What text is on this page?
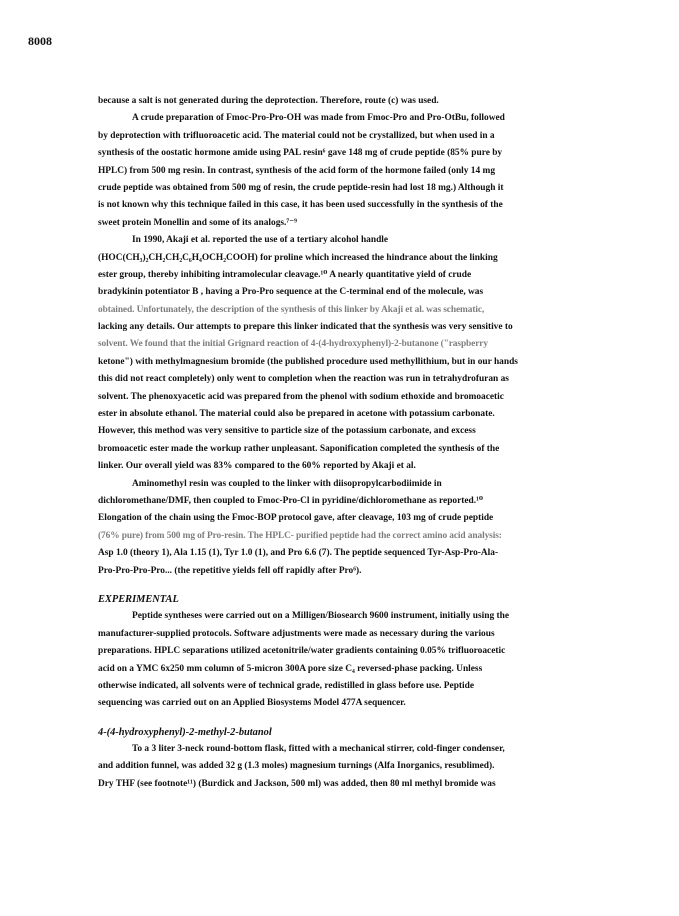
8008
because a salt is not generated during the deprotection. Therefore, route (c) was used.
A crude preparation of Fmoc-Pro-Pro-OH was made from Fmoc-Pro and Pro-OtBu, followed
by deprotection with trifluoroacetic acid. The material could not be crystallized, but when used in a
synthesis of the oostatic hormone amide using PAL resin⁶ gave 148 mg of crude peptide (85% pure by
HPLC) from 500 mg resin. In contrast, synthesis of the acid form of the hormone failed (only 14 mg
crude peptide was obtained from 500 mg of resin, the crude peptide-resin had lost 18 mg.) Although it
is not known why this technique failed in this case, it has been used successfully in the synthesis of the
sweet protein Monellin and some of its analogs.⁷⁻⁹
In 1990, Akaji et al. reported the use of a tertiary alcohol handle
(HOC(CH₃)₂CH₂CH₂C₆H₄OCH₂COOH) for proline which increased the hindrance about the linking
ester group, thereby inhibiting intramolecular cleavage.¹⁰ A nearly quantitative yield of crude
bradykinin potentiator B , having a Pro-Pro sequence at the C-terminal end of the molecule, was
obtained. Unfortunately, the description of the synthesis of this linker by Akaji et al. was schematic,
lacking any details. Our attempts to prepare this linker indicated that the synthesis was very sensitive to
solvent. We found that the initial Grignard reaction of 4-(4-hydroxyphenyl)-2-butanone ("raspberry
ketone") with methylmagnesium bromide (the published procedure used methyllithium, but in our hands
this did not react completely) only went to completion when the reaction was run in tetrahydrofuran as
solvent. The phenoxyacetic acid was prepared from the phenol with sodium ethoxide and bromoacetic
ester in absolute ethanol. The material could also be prepared in acetone with potassium carbonate.
However, this method was very sensitive to particle size of the potassium carbonate, and excess
bromoacetic ester made the workup rather unpleasant. Saponification completed the synthesis of the
linker. Our overall yield was 83% compared to the 60% reported by Akaji et al.
Aminomethyl resin was coupled to the linker with diisopropylcarbodiimide in
dichloromethane/DMF, then coupled to Fmoc-Pro-Cl in pyridine/dichloromethane as reported.¹⁰
Elongation of the chain using the Fmoc-BOP protocol gave, after cleavage, 103 mg of crude peptide
(76% pure) from 500 mg of Pro-resin. The HPLC- purified peptide had the correct amino acid analysis:
Asp 1.0 (theory 1), Ala 1.15 (1), Tyr 1.0 (1), and Pro 6.6 (7). The peptide sequenced Tyr-Asp-Pro-Ala-
Pro-Pro-Pro-Pro... (the repetitive yields fell off rapidly after Pro⁶).
EXPERIMENTAL
Peptide syntheses were carried out on a Milligen/Biosearch 9600 instrument, initially using the
manufacturer-supplied protocols. Software adjustments were made as necessary during the various
preparations. HPLC separations utilized acetonitrile/water gradients containing 0.05% trifluoroacetic
acid on a YMC 6x250 mm column of 5-micron 300A pore size C₄ reversed-phase packing. Unless
otherwise indicated, all solvents were of technical grade, redistilled in glass before use. Peptide
sequencing was carried out on an Applied Biosystems Model 477A sequencer.
4-(4-hydroxyphenyl)-2-methyl-2-butanol
To a 3 liter 3-neck round-bottom flask, fitted with a mechanical stirrer, cold-finger condenser,
and addition funnel, was added 32 g (1.3 moles) magnesium turnings (Alfa Inorganics, resublimed).
Dry THF (see footnote¹¹) (Burdick and Jackson, 500 ml) was added, then 80 ml methyl bromide was
